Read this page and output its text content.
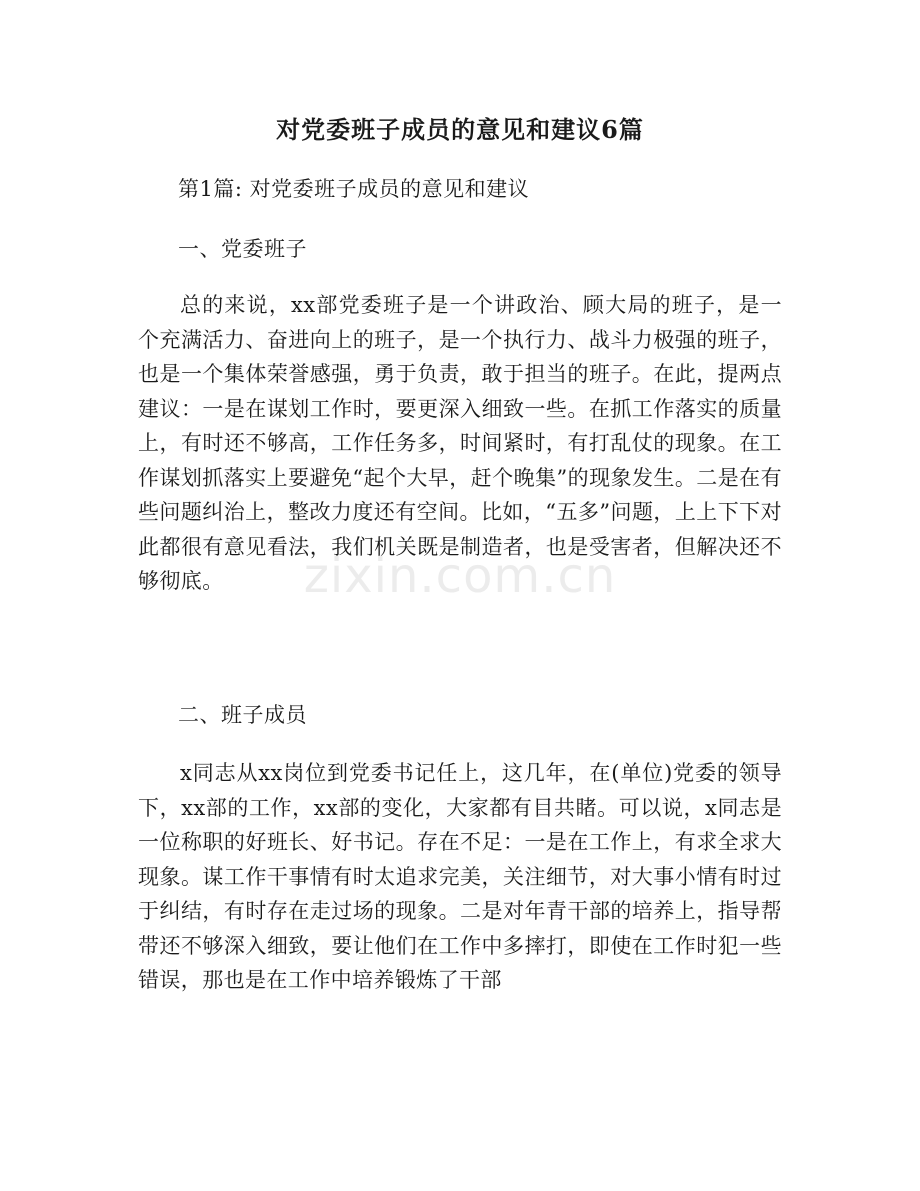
对党委班子成员的意见和建议6篇

第1篇: 对党委班子成员的意见和建议

一、党委班子

总的来说，xx部党委班子是一个讲政治、顾大局的班子，是一个充满活力、奋进向上的班子，是一个执行力、战斗力极强的班子，也是一个集体荣誉感强，勇于负责，敢于担当的班子。在此，提两点建议：一是在谋划工作时，要更深入细致一些。在抓工作落实的质量上，有时还不够高，工作任务多，时间紧时，有打乱仗的现象。在工作谋划抓落实上要避免“起个大早，赶个晚集”的现象发生。二是在有些问题纠治上，整改力度还有空间。比如，“五多”问题，上上下下对此都很有意见看法，我们机关既是制造者，也是受害者，但解决还不够彻底。

二、班子成员

x同志从xx岗位到党委书记任上，这几年，在(单位)党委的领导下，xx部的工作，xx部的变化，大家都有目共睹。可以说，x同志是一位称职的好班长、好书记。存在不足：一是在工作上，有求全求大现象。谋工作干事情有时太追求完美，关注细节，对大事小情有时过于纠结，有时存在走过场的现象。二是对年青干部的培养上，指导帮带还不够深入细致，要让他们在工作中多摔打，即使在工作时犯一些错误，那也是在工作中培养锻炼了干部

zixin.com.cn
